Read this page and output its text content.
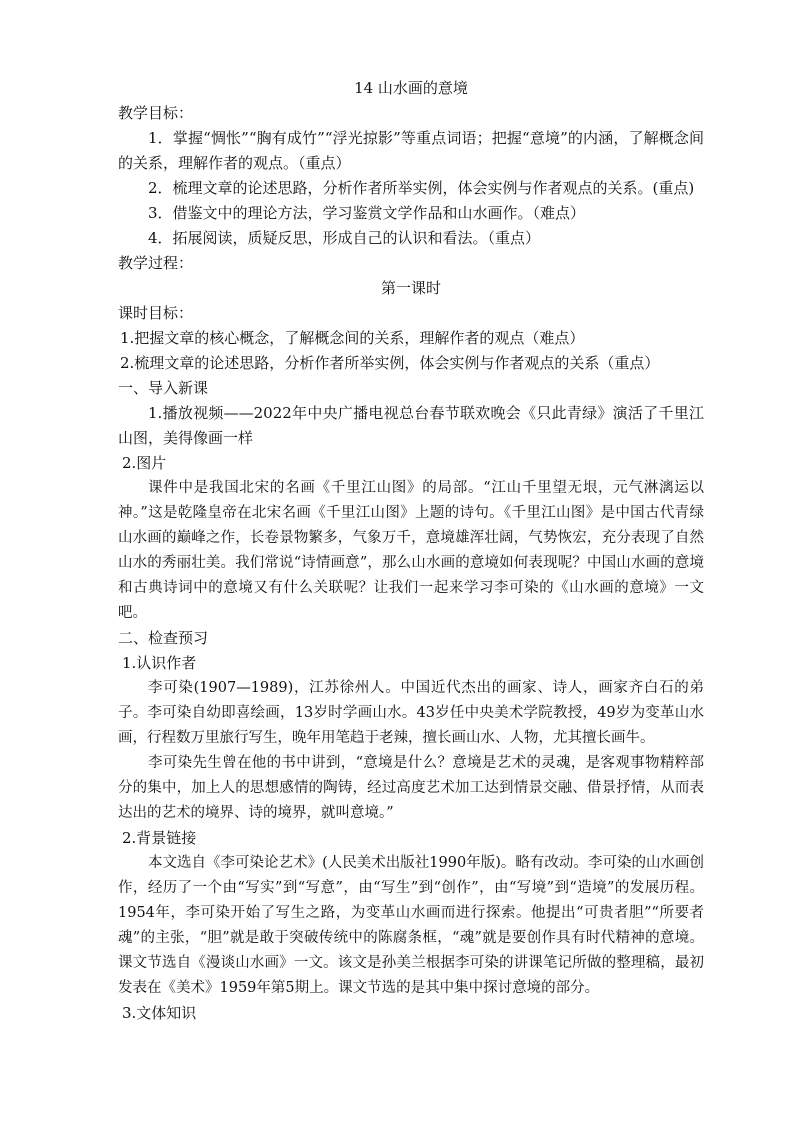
14 山水画的意境
教学目标：
1．掌握“惆怅”“胸有成竹”“浮光掠影”等重点词语；把握“意境”的内涵，了解概念间的关系，理解作者的观点。（重点）
2．梳理文章的论述思路，分析作者所举实例，体会实例与作者观点的关系。(重点)
3．借鉴文中的理论方法，学习鉴赏文学作品和山水画作。（难点）
4．拓展阅读，质疑反思，形成自己的认识和看法。（重点）
教学过程：
第一课时
课时目标：
1.把握文章的核心概念，了解概念间的关系，理解作者的观点（难点）
2.梳理文章的论述思路，分析作者所举实例，体会实例与作者观点的关系（重点）
一、导入新课
1.播放视频——2022年中央广播电视总台春节联欢晚会《只此青绿》演活了千里江山图，美得像画一样
2.图片
课件中是我国北宋的名画《千里江山图》的局部。“江山千里望无垠，元气淋漓运以神。”这是乾隆皇帝在北宋名画《千里江山图》上题的诗句。《千里江山图》是中国古代青绿山水画的巅峰之作，长卷景物繁多，气象万千，意境雄浑壮阔，气势恢宏，充分表现了自然山水的秀丽壮美。我们常说“诗情画意”，那么山水画的意境如何表现呢？中国山水画的意境和古典诗词中的意境又有什么关联呢？让我们一起来学习李可染的《山水画的意境》一文吧。
二、检查预习
1.认识作者
李可染(1907—1989)，江苏徐州人。中国近代杰出的画家、诗人，画家齐白石的弟子。李可染自幼即喜绘画，13岁时学画山水。43岁任中央美术学院教授，49岁为变革山水画，行程数万里旅行写生，晚年用笔趋于老辣，擅长画山水、人物，尤其擅长画牛。
李可染先生曾在他的书中讲到，“意境是什么？意境是艺术的灵魂，是客观事物精粹部分的集中，加上人的思想感情的陶铸，经过高度艺术加工达到情景交融、借景抒情，从而表达出的艺术的境界、诗的境界，就叫意境。”
2.背景链接
本文选自《李可染论艺术》(人民美术出版社1990年版)。略有改动。李可染的山水画创作，经历了一个由“写实”到“写意”，由“写生”到“创作”，由“写境”到“造境”的发展历程。1954年，李可染开始了写生之路，为变革山水画而进行探索。他提出“可贵者胆”“所要者魂”的主张，“胆”就是敢于突破传统中的陈腐条框，“魂”就是要创作具有时代精神的意境。课文节选自《漫谈山水画》一文。该文是孙美兰根据李可染的讲课笔记所做的整理稿，最初发表在《美术》1959年第5期上。课文节选的是其中集中探讨意境的部分。
3.文体知识
